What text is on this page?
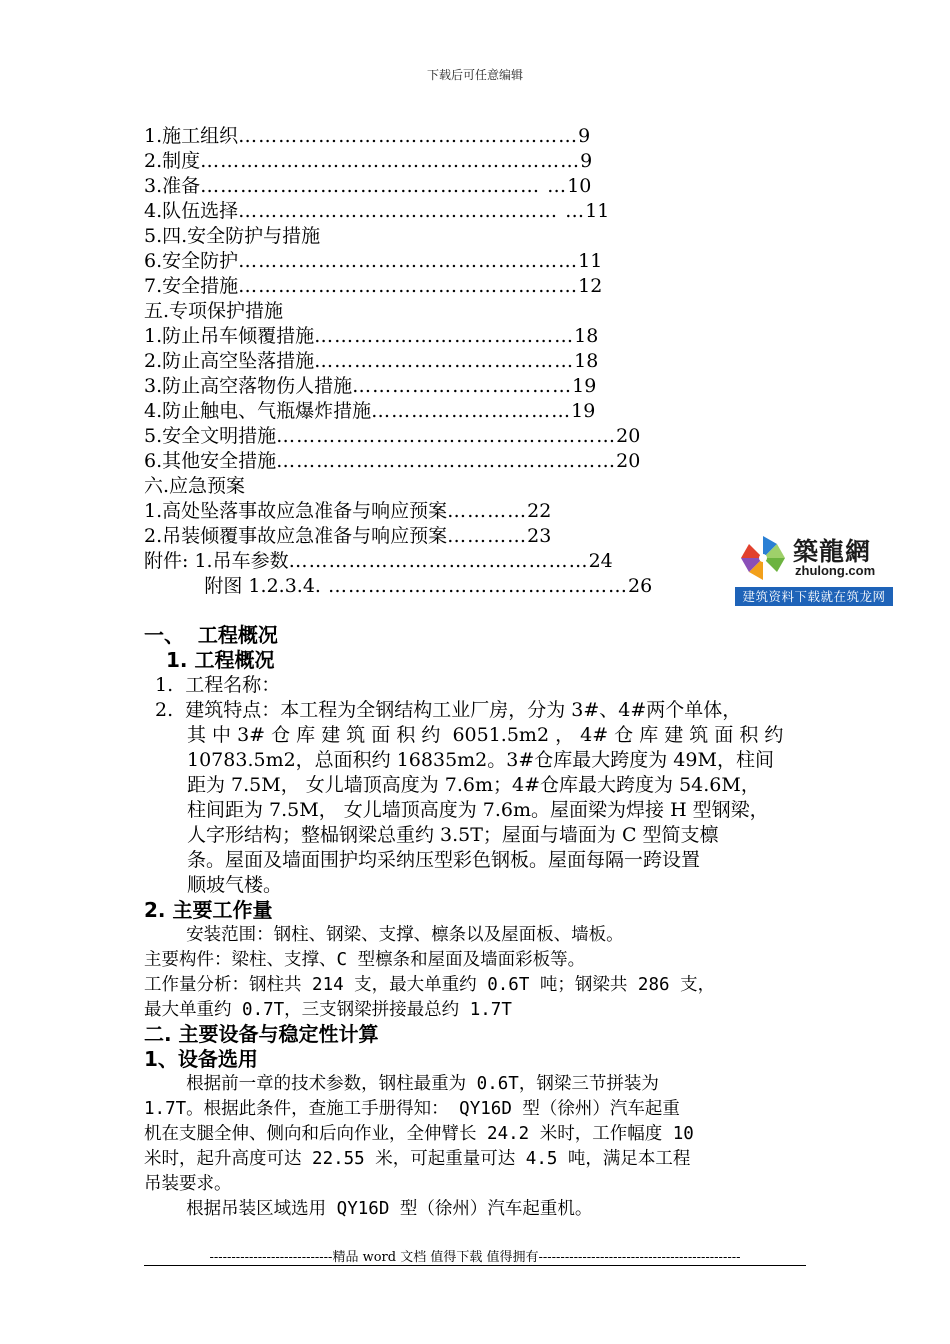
下载后可任意编辑
1.施工组织……………………………………………9
2.制度…………………………………………………9
3.准备…………………………………………… …10
4.队伍选择………………………………………… …11
5.四.安全防护与措施
6.安全防护……………………………………………11
7.安全措施……………………………………………12
五.专项保护措施
1.防止吊车倾覆措施…………………………………18
2.防止高空坠落措施…………………………………18
3.防止高空落物伤人措施……………………………19
4.防止触电、气瓶爆炸措施…………………………19
5.安全文明措施……………………………………………20
6.其他安全措施……………………………………………20
六.应急预案
1.高处坠落事故应急准备与响应预案…………22
2.吊装倾覆事故应急准备与响应预案…………23
附件: 1.吊车参数………………………………………24
附图 1.2.3.4. ………………………………………26
築龍網
zhulong.com
建筑资料下载就在筑龙网
一、  工程概况
1. 工程概况
1.  工程名称：
2.  建筑特点：本工程为全钢结构工业厂房，分为 3#、4#两个单体，
其 中 3# 仓 库 建 筑 面 积 约  6051.5m2 ， 4# 仓 库 建 筑 面 积 约
10783.5m2，总面积约 16835m2。3#仓库最大跨度为 49M，柱间
距为 7.5M， 女儿墙顶高度为 7.6m；4#仓库最大跨度为 54.6M，
柱间距为 7.5M， 女儿墙顶高度为 7.6m。屋面梁为焊接 H 型钢梁，
人字形结构；整榀钢梁总重约 3.5T；屋面与墙面为 C 型简支檩
条。屋面及墙面围护均采纳压型彩色钢板。屋面每隔一跨设置
顺坡气楼。
2. 主要工作量
安装范围：钢柱、钢梁、支撑、檩条以及屋面板、墙板。
主要构件：梁柱、支撑、C 型檩条和屋面及墙面彩板等。
工作量分析：钢柱共 214 支，最大单重约 0.6T 吨；钢梁共 286 支，
最大单重约 0.7T，三支钢梁拼接最总约 1.7T
二. 主要设备与稳定性计算
1、设备选用
根据前一章的技术参数，钢柱最重为 0.6T，钢梁三节拼装为
1.7T。根据此条件，查施工手册得知： QY16D 型（徐州）汽车起重
机在支腿全伸、侧向和后向作业，全伸臂长 24.2 米时，工作幅度 10
米时，起升高度可达 22.55 米，可起重量可达 4.5 吨，满足本工程
吊装要求。
根据吊装区域选用 QY16D 型（徐州）汽车起重机。
----------------------------精品 word 文档 值得下载 值得拥有----------------------------------------------
